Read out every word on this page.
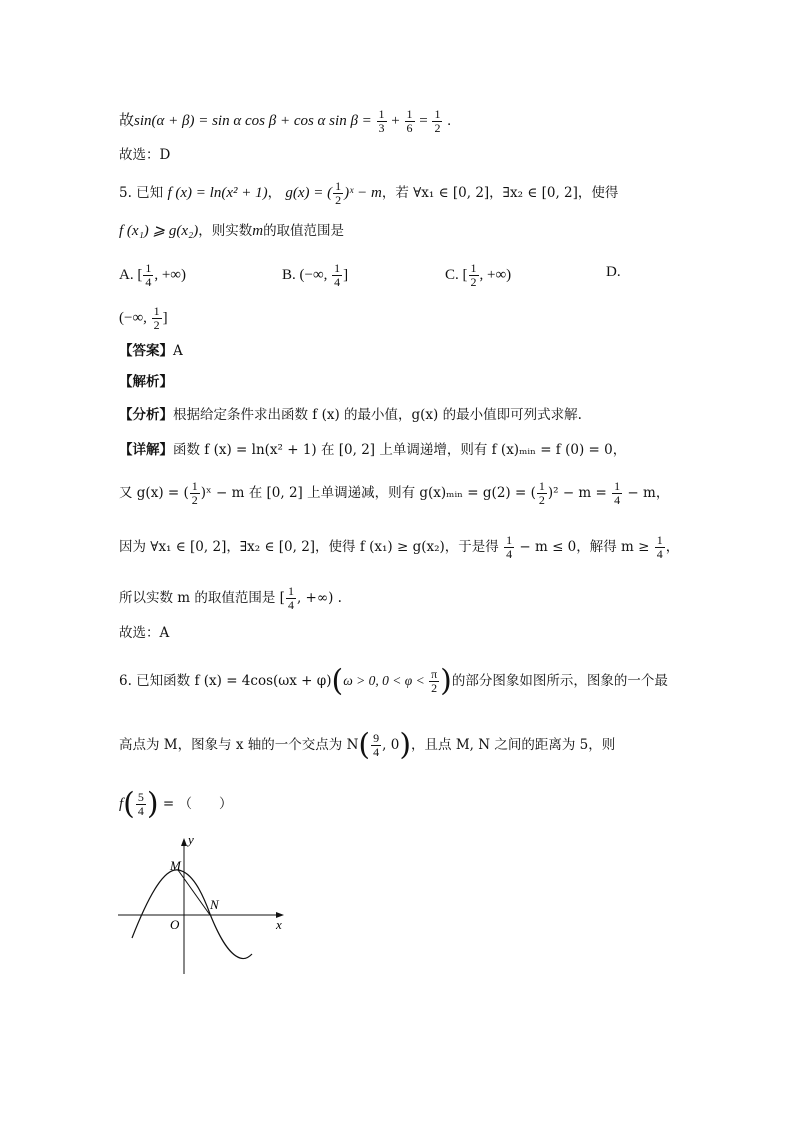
故sin(α + β) = sin α cos β + cos α $\sin \beta = \frac{1}{3} + \frac{1}{6} = \frac{1}{2}$ .
故选：D
5. 已知 f (x) = ln(x² + 1)， g(x) = ( $\frac{1}{2}$ )ˣ − m，若 ∀x₁ ∈ [0, 2]，∃x₂ ∈ [0, 2]，使得
f (x₁) ⩾ g(x₂)，则实数m的取值范围是
A. [ $\frac{1}{4}$ , +∞)	B. (−∞, $\frac{1}{4}$ ]	C. [ $\frac{1}{2}$ , +∞)	D.
(−∞, $\frac{1}{2}$ ]
【答案】A
【解析】
【分析】根据给定条件求出函数 f (x) 的最小值，g(x) 的最小值即可列式求解.
【详解】函数 f (x) = ln(x² + 1) 在 [0, 2] 上单调递增，则有 f (x)ₘᵢₙ = f (0) = 0，
又 g(x) = ( $\frac{1}{2}$ )ˣ − m 在 [0, 2] 上单调递减，则有 g(x)ₘᵢₙ = g(2) = ( $\frac{1}{2} )^2 - m = \frac{1}{4} - m$，
因为 ∀x₁ ∈ [0, 2]，∃x₂ ∈ [0, 2]，使得 f (x₁) ≥ g(x₂)，于是得 $\frac{1}{4} - m \le 0$，解得 $m \ge \frac{1}{4}$ ，
所以实数 m 的取值范围是 [ $\frac{1}{4}$ , +∞) .
故选：A
6. 已知函数 f (x) = 4cos(ωx + φ)(ω > 0, $0 < \varphi < \frac{\pi}{2}$ )的部分图象如图所示，图象的一个最
高点为 M，图象与 x 轴的一个交点为 $N( \frac{9}{4}$ , 0)，且点 M, N 之间的距离为 5，则
$f( \frac{5}{4}$ ) = （　　）
y
x
O
M
N
